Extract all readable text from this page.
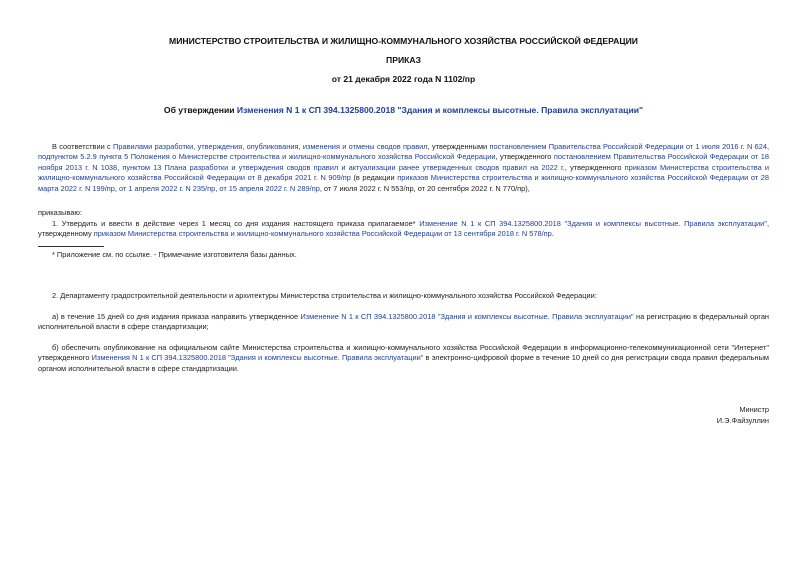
МИНИСТЕРСТВО СТРОИТЕЛЬСТВА И ЖИЛИЩНО-КОММУНАЛЬНОГО ХОЗЯЙСТВА РОССИЙСКОЙ ФЕДЕРАЦИИ
ПРИКАЗ
от 21 декабря 2022 года N 1102/пр
Об утверждении Изменения N 1 к СП 394.1325800.2018 "Здания и комплексы высотные. Правила эксплуатации"
В соответствии с Правилами разработки, утверждения, опубликования, изменения и отмены сводов правил, утвержденными постановлением Правительства Российской Федерации от 1 июля 2016 г. N 624, подпунктом 5.2.9 пункта 5 Положения о Министерстве строительства и жилищно-коммунального хозяйства Российской Федерации, утвержденного постановлением Правительства Российской Федерации от 18 ноября 2013 г. N 1038, пунктом 13 Плана разработки и утверждения сводов правил и актуализации ранее утвержденных сводов правил на 2022 г., утвержденного приказом Министерства строительства и жилищно-коммунального хозяйства Российской Федерации от 8 декабря 2021 г. N 909/пр (в редакции приказов Министерства строительства и жилищно-коммунального хозяйства Российской Федерации от 28 марта 2022 г. N 199/пр, от 1 апреля 2022 г. N 235/пр, от 15 апреля 2022 г. N 289/пр, от 7 июля 2022 г. N 553/пр, от 20 сентября 2022 г. N 770/пр),
приказываю:
1. Утвердить и ввести в действие через 1 месяц со дня издания настоящего приказа прилагаемое* Изменение N 1 к СП 394.1325800.2018 "Здания и комплексы высотные. Правила эксплуатации", утвержденному приказом Министерства строительства и жилищно-коммунального хозяйства Российской Федерации от 13 сентября 2018 г. N 578/пр.
* Приложение см. по ссылке. - Примечание изготовителя базы данных.
2. Департаменту градостроительной деятельности и архитектуры Министерства строительства и жилищно-коммунального хозяйства Российской Федерации:
а) в течение 15 дней со дня издания приказа направить утвержденное Изменение N 1 к СП 394.1325800.2018 "Здания и комплексы высотные. Правила эксплуатации" на регистрацию в федеральный орган исполнительной власти в сфере стандартизации;
б) обеспечить опубликование на официальном сайте Министерства строительства и жилищно-коммунального хозяйства Российской Федерации в информационно-телекоммуникационной сети "Интернет" утвержденного Изменения N 1 к СП 394.1325800.2018 "Здания и комплексы высотные. Правила эксплуатации" в электронно-цифровой форме в течение 10 дней со дня регистрации свода правил федеральным органом исполнительной власти в сфере стандартизации.
Министр
И.Э.Файзуллин
